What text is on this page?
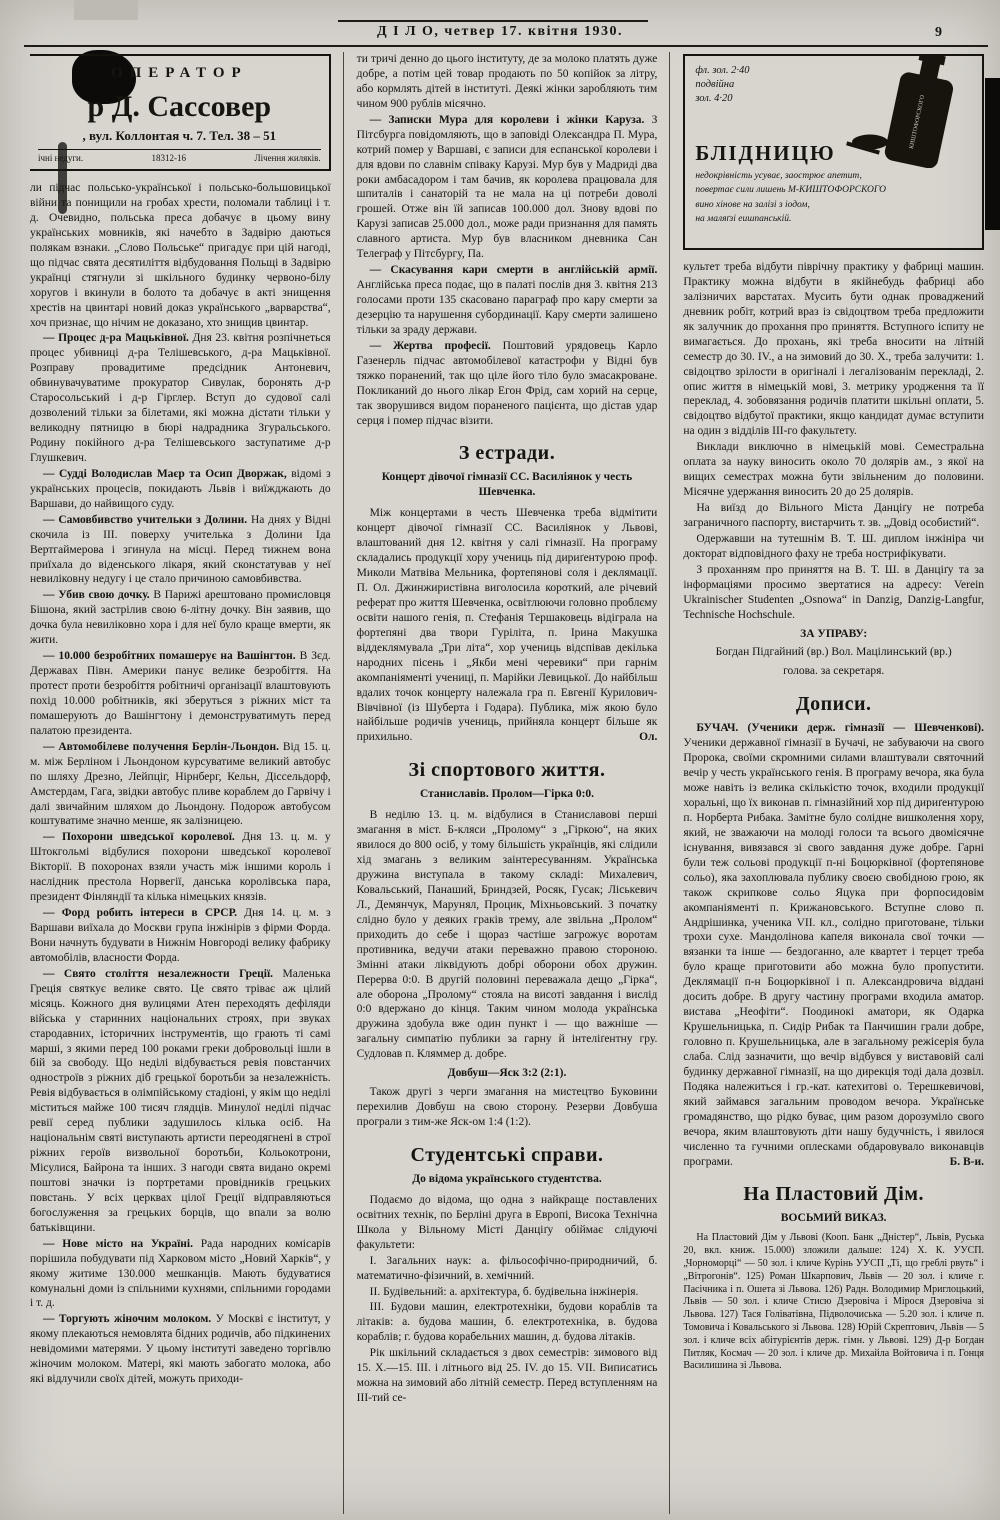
Д І Л О, четвер 17. квітня 1930.	9
ОПЕРАТОР
р Д. Сассовер
, вул. Коллонтая ч. 7. Тел. 38 – 51
ічні недуги.	18312-16	Лічення жиляків.

ли підчас польсько-української і польсько-большовицької війни та понищили на гробах хрести, поломали таблиці і т. д. Очевидно, польська преса добачує в цьому вину українських мовників, які начебто в Задвірю даються полякам взнаки. „Слово Польське“ пригадує при цій нагоді, що підчас свята десятиліття відбудовання Польщі в Задвірю українці стягнули зі шкільного будинку червоно-білу хоругов і вкинули в болото та добачує в акті знищення хрестів на цвинтарі новий доказ українського „варварства“, хоч признає, що нічим не доказано, хто знищив цвинтар.

— Процес д-ра Мацьківної. Дня 23. квітня розпічнеться процес убивниці д-ра Телішевського, д-ра Мацьківної. Розправу провадитиме предсідник Антоневич, обвинувачуватиме прокуратор Сивулак, боронять д-р Старосольський і д-р Гірглер. Вступ до судової салі дозволений тільки за білетами, які можна дістати тільки у великодну пятницю в бюрі надрадника Згуральського. Родину покійного д-ра Телішевського заступатиме д-р Глушкевич.

— Судді Володислав Маєр та Осип Дворжак, відомі з українських процесів, покидають Львів і виїжджають до Варшави, до найвищого суду.

— Самовбивство учительки з Долини. На днях у Відні скочила із III. поверху учителька з Долини Іда Вертгаймерова і згинула на місці. Перед тижнем вона приїхала до віденського лікаря, який сконстатував у неї невиліковну недугу і це стало причиною самовбивства.

— Убив свою дочку. В Парижі арештовано промисловця Бішона, який застрілив свою 6-літну дочку. Він заявив, що дочка була невиліковно хора і для неї було краще вмерти, як жити.

— 10.000 безробітних помашерує на Вашінгтон. В Зєд. Державах Півн. Америки панує велике безробіття. На протест проти безробіття робітничі організації влаштовують похід 10.000 робітників, які зберуться з ріжних міст та помашерують до Вашінгтону і демонструватимуть перед палатою президента.

— Автомобілеве получення Берлін-Льондон. Від 15. ц. м. між Берліном і Льондоном курсуватиме великий автобус по шляху Дрезно, Лейпціг, Нірнберг, Кельн, Діссельдорф, Амстердам, Гага, звідки автобус пливе кораблем до Гарвічу і далі звичайним шляхом до Льондону. Подорож автобусом коштуватиме значно менше, як залізницею.

— Похорони шведської королевої. Дня 13. ц. м. у Штокгольмі відбулися похорони шведської королевої Вікторії. В похоронах взяли участь між іншими король і наслідник престола Норвегії, данська королівська пара, президент Фінляндії та кілька німецьких князів.

— Форд робить інтереси в СРСР. Дня 14. ц. м. з Варшави виїхала до Москви група інжінірів з фірми Форда. Вони начнуть будувати в Нижнім Новгороді велику фабрику автомобілів, власности Форда.

— Свято століття незалежности Греції. Маленька Греція святкує велике свято. Це свято тріває аж цілий місяць. Кожного дня вулицями Атен переходять дефіляди війська у старинних національних строях, при звуках стародавних, історичних інструментів, що грають ті самі марші, з якими перед 100 роками греки добровольці ішли в бій за свободу. Що неділі відбувається ревія повстанчих одностроїв з ріжних діб грецької боротьби за незалежність. Ревія відбувається в олімпійському стадіоні, у якім що неділі міститься майже 100 тисяч глядців. Минулої неділі підчас ревії серед публики задушилось кілька осіб. На національнім святі виступають артисти переодягнені в строї ріжних героїв визвольної боротьби, Кольокотрони, Місулися, Байрона та інших. З нагоди свята видано окремі поштові значки із портретами провідників грецьких повстань. У всіх церквах цілої Греції відправляються богослуження за грецьких борців, що впали за волю батьківщини.

— Нове місто на Україні. Рада народних комісарів порішила побудувати під Харковом місто „Новий Харків“, у якому житиме 130.000 мешканців. Мають будуватися комунальні доми із спільними кухнями, спільними городами і т. д.

— Торгують жіночим молоком. У Москві є інститут, у якому плекаються немовлята бідних родичів, або підкинених невідомими матерями. У цьому інституті заведено торгівлю жіночим молоком. Матері, які мають забогато молока, або які відлучили своїх дітей, можуть приходи-

ти тричі денно до цього інституту, де за молоко платять дуже добре, а потім цей товар продають по 50 копійок за літру, або кормлять дітей в інституті. Деякі жінки заробляють тим чином 900 рублів місячно.

— Записки Мура для королеви і жінки Каруза. З Пітсбурга повідомляють, що в заповіді Олександра П. Мура, котрий помер у Варшаві, є записи для еспанської королеви і для вдови по славнім співаку Карузі. Мур був у Мадриді два роки амбасадором і там бачив, як королева працювала для шпиталів і санаторій та не мала на ці потреби доволі грошей. Отже він їй записав 100.000 дол. Знову вдові по Карузі записав 25.000 дол., може ради признання для память славного артиста. Мур був власником дневника Сан Телеграф у Пітсбургу, Па.

— Скасування кари смерти в англійській армії. Англійська преса подає, що в палаті послів дня 3. квітня 213 голосами проти 135 скасовано параграф про кару смерти за дезерцію та нарушення субординації. Кару смерти залишено тільки за зраду держави.

— Жертва професії. Поштовий урядовець Карло Газенерль підчас автомобілевої катастрофи у Відні був тяжко поранений, так що ціле його тіло було змасакроване. Покликаний до нього лікар Егон Фрід, сам хорий на серце, так зворушився видом пораненого пацієнта, що дістав удар серця і помер підчас візити.

З естради.
Концерт дівочої гімназії СС. Василіянок у честь Шевченка.

Між концертами в честь Шевченка треба відмітити концерт дівочої гімназії СС. Василіянок у Львові, влаштований дня 12. квітня у салі гімназії. На програму складались продукції хору учениць під дириґентурою проф. Миколи Матвіва Мельника, фортепянові соля і деклямації. П. Ол. Джинжиристівна виголосила короткий, але річевий реферат про життя Шевченка, освітлюючи головно проблєму освіти нашого генія, п. Стефанія Тершаковець відіграла на фортепяні два твори Гуріліта, п. Ірина Макушка віддеклямувала „Три літа“, хор учениць відспівав декілька народних пісень і „Якби мені черевики“ при гарнім акомпаніяменті учениці, п. Марійки Левицької. До найбільш вдалих точок концерту належала гра п. Евгенії Курилович-Вівчівної (із Шуберта і Годара). Публика, між якою було найбільше родичів учениць, прийняла концерт більше як прихильно.	Ол.

Зі спортового життя.
Станиславів. Пролом—Гірка 0:0.

В неділю 13. ц. м. відбулися в Станиславові перші змагання в міст. Б-кляси „Пролому“ з „Гіркою“, на яких явилося до 800 осіб, у тому більшість українців, які слідили хід змагань з великим заінтересуванням. Українська дружина виступала в такому складі: Михалевич, Ковальський, Панаший, Бриндзей, Росяк, Гусак; Ліськевич Л., Демянчук, Марунял, Процик, Міхньовський. З початку слідно було у деяких граків трему, але звільна „Пролом“ приходить до себе і щораз частіше загрожує воротам противника, ведучи атаки переважно правою стороною. Змінні атаки ліквідують добрі оборони обох дружин. Перерва 0:0. В другій половині переважала дещо „Гірка“, але оборона „Пролому“ стояла на висоті завдання і вислід 0:0 вдержано до кінця. Таким чином молода українська дружина здобула вже один пункт і — що важніше — загальну симпатію публики за гарну й інтеліґентну гру. Судловав п. Кляммер д. добре.

Довбуш—Яск 3:2 (2:1).

Також другі з черги змагання на мистецтво Буковини перехилив Довбуш на свою сторону. Резерви Довбуша програли з тим-же Яск-ом 1:4 (1:2).

Студентські справи.
До відома українського студентства.

Подаємо до відома, що одна з найкраще поставлених освітних технік, по Берліні друга в Европі, Висока Технічна Школа у Вільному Місті Данціґу обіймає слідуючі факультети:

I. Загальних наук: а. фільософічно-природничий, б. математично-фізичний, в. хемічний.

II. Будівельний: а. архітектура, б. будівельна інжінерія.

III. Будови машин, електротехніки, будови кораблів та літаків: а. будова машин, б. електротехніка, в. будова кораблів; г. будова корабельних машин, д. будова літаків.

Рік шкільний складається з двох семестрів: зимового від 15. X.—15. III. і літнього від 25. IV. до 15. VII. Виписатись можна на зимовий або літній семестр. Перед вступленням на III-тий се-

фл. зол. 2·40
подвійна
зол. 4·20	КИШТОФОРСКОГО
БЛІДНИЦЮ
недокрівність усуває, заострює апетит,
повертає сили лишень М-КИШТОФОРСКОГО
вино хінове на залізі з іодом,
на маляґзі еишпанській.

культет треба відбути піврічну практику у фабриці машин. Практику можна відбути в якійнебудь фабриці або залізничих варстатах. Мусить бути однак проваджений дневник робіт, котрий враз із свідоцтвом треба предложити як залучник до прохання про приняття. Вступного іспиту не вимагається. До прохань, які треба вносити на літній семестр до 30. IV., а на зимовий до 30. X., треба залучити: 1. свідоцтво зрілости в оригіналі і легалізованім перекладі, 2. опис життя в німецькій мові, 3. метрику уродження та її переклад, 4. зобовязання родичів платити шкільні оплати, 5. свідоцтво відбутої практики, якщо кандидат думає вступити на один з відділів III-го факультету.

Виклади виключно в німецькій мові. Семестральна оплата за науку виносить около 70 долярів ам., з якої на вищих семестрах можна бути звільненим до половини. Місячне удержання виносить 20 до 25 долярів.

На виїзд до Вільного Міста Данціґу не потреба заграничного паспорту, вистарчить т. зв. „Довід особистий“.

Одержавши на тутешнім В. Т. Ш. диплом інжініра чи докторат відповідного фаху не треба нострифікувати.

З проханням про приняття на В. Т. Ш. в Данціґу та за інформаціями просимо звертатися на адресу: Verein Ukrainischer Studenten „Osnowa“ in Danzig, Danzig-Langfur, Technische Hochschule.

ЗА УПРАВУ:

Богдан Підгайний (вр.) Вол. Мацілинський (вр.)

голова. за секретаря.

Дописи.

БУЧАЧ. (Ученики держ. гімназії — Шевченкові). Ученики державної гімназії в Бучачі, не забуваючи на свого Пророка, своїми скромними силами влаштували святочний вечір у честь українського генія. В програму вечора, яка була може навіть із велика скількістю точок, входили продукції хоральні, що їх виконав п. гімназійний хор під дириґентурою п. Норберта Рибака. Замітне було солідне вишколення хору, який, не зважаючи на молоді голоси та всього двомісячне існування, вивязався зі свого завдання дуже добре. Гарні були теж сольові продукції п-ні Боцюрківної (фортепянове сольо), яка захоплювала публику своєю свобідною грою, як також скрипкове сольо Яцука при форпосидовім акомпаніяменті п. Крижановського. Вступне слово п. Андрішинка, ученика VII. кл., солідно приготоване, тільки трохи сухе. Мандолінова капеля виконала свої точки — вязанки та інше — бездоганно, але квартет і терцет треба було краще приготовити або можна було пропустити. Деклямації п-н Боцюрківної і п. Александровича віддані досить добре. В другу частину програми входила аматор. вистава „Неофіти“. Поодинокі аматори, як Одарка Крушельницька, п. Сидір Рибак та Панчишин грали добре, головно п. Крушельницька, але в загальному режісерія була слаба. Слід зазначити, що вечір відбувся у виставовій салі будинку державної гімназії, на що дирекція тоді дала дозвіл. Подяка належиться і гр.-кат. катехитові о. Терешкевичові, який займався загальним проводом вечора. Українське громадянство, що рідко буває, цим разом дорозуміло свого вечора, яким влаштовують діти нашу будучність, і явилося численно та гучними оплесками обдаровувало виконавців програми.	Б. В-и.

На Пластовий Дім.
ВОСЬМИЙ ВИКАЗ.

На Пластовий Дім у Львові (Кооп. Банк „Дністер“, Львів, Руська 20, вкл. книж. 15.000) зложили дальше: 124) X. К. УУСП. „Чорноморці“ — 50 зол. і кличе Курінь УУСП „Ті, що греблі рвуть“ і „Вітрогонів“. 125) Роман Шкарпович, Львів — 20 зол. і кличе г. Пасічника і п. Ошета зі Львова. 126) Радн. Володимир Мриглоцький, Львів — 50 зол. і кличе Стисю Дзеровіча і Мірося Дзеровіча зі Львова. 127) Тася Голіватівна, Підволочиська — 5.20 зол. і кличе п. Томовича і Ковальського зі Львова. 128) Юрій Скрептович, Львів — 5 зол. і кличе всіх абітурієнтів держ. гімн. у Львові. 129) Д-р Богдан Питляк, Космач — 20 зол. і кличе др. Михайла Войтовича і п. Гонця Василишина зі Львова.
